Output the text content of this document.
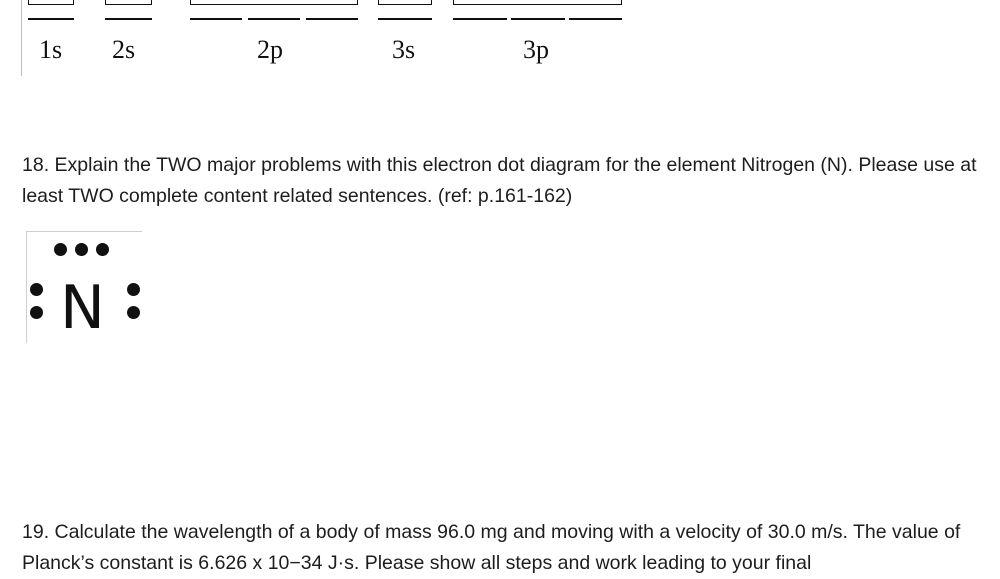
1s 2s	2p	3s	3p

18. Explain the TWO major problems with this electron dot diagram for the element Nitrogen (N). Please use at least TWO complete content related sentences. (ref: p.161-162)

N

19. Calculate the wavelength of a body of mass 96.0 mg and moving with a velocity of 30.0 m/s. The value of Planck’s constant is 6.626 x 10−34 J·s. Please show all steps and work leading to your final
